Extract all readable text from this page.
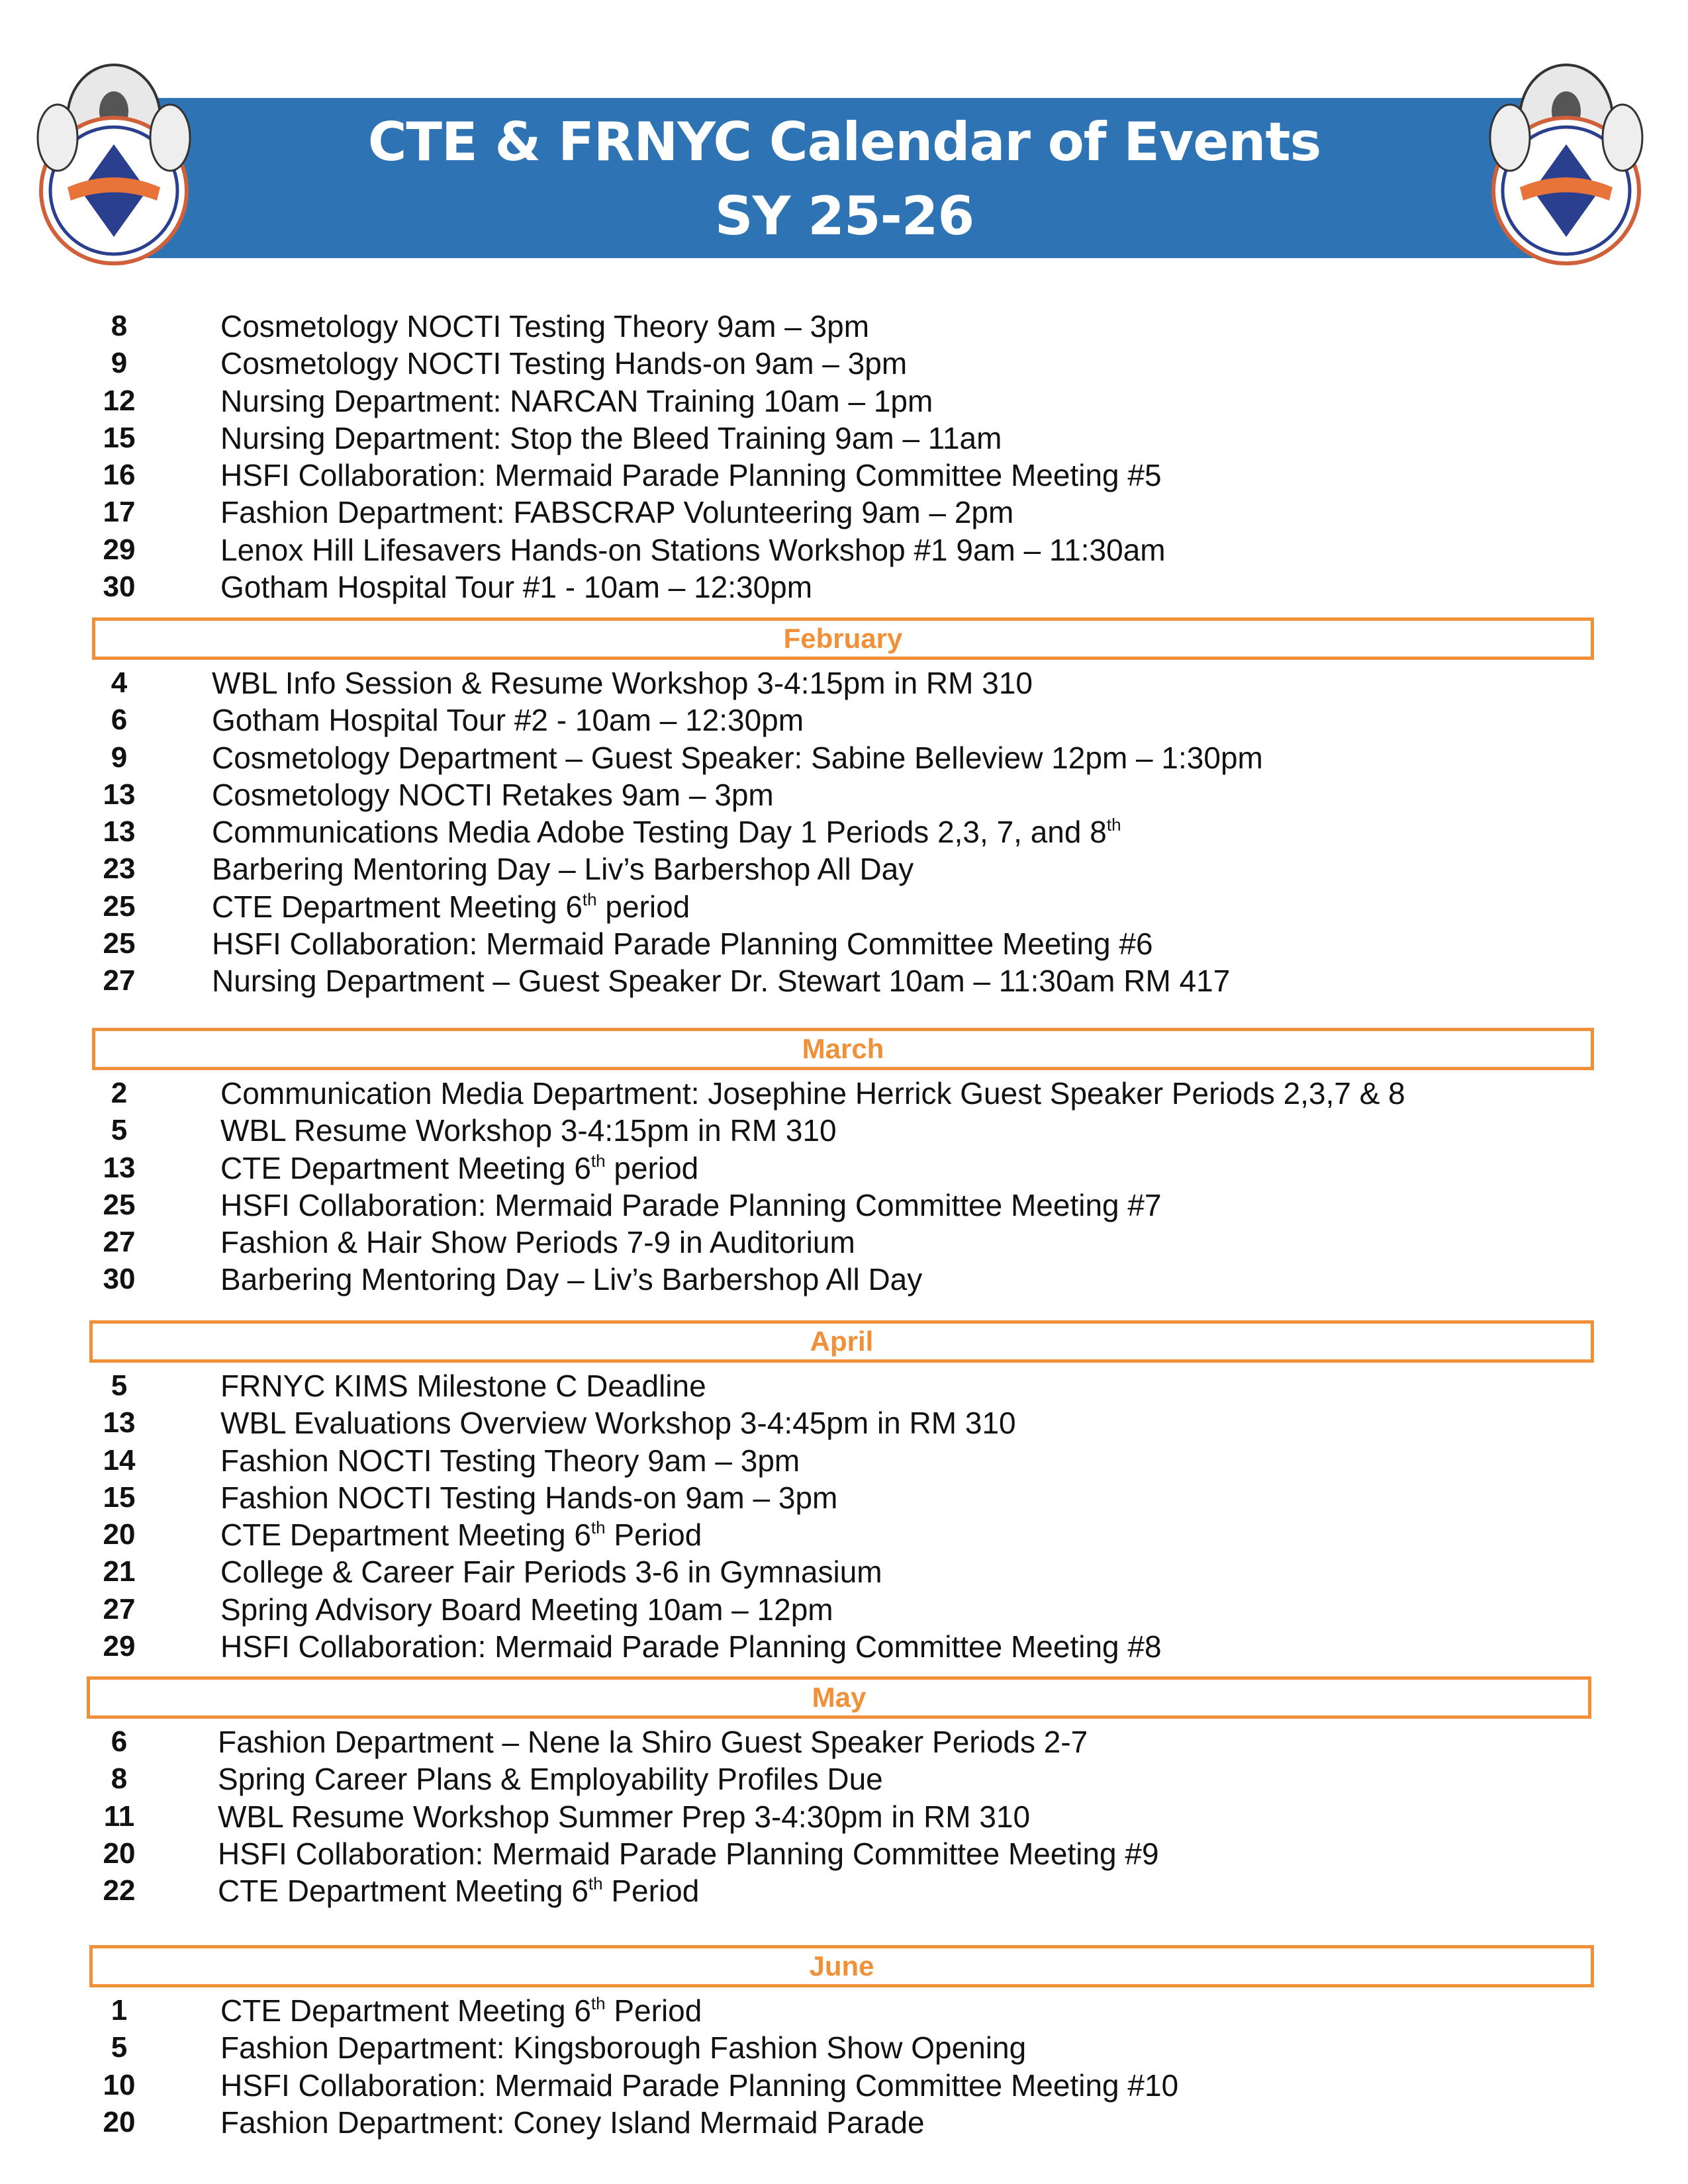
CTE & FRNYC Calendar of Events
SY 25-26
8	Cosmetology NOCTI Testing Theory 9am – 3pm
9	Cosmetology NOCTI Testing Hands-on 9am – 3pm
12	Nursing Department: NARCAN Training 10am – 1pm
15	Nursing Department: Stop the Bleed Training 9am – 11am
16	HSFI Collaboration: Mermaid Parade Planning Committee Meeting #5
17	Fashion Department: FABSCRAP Volunteering 9am – 2pm
29	Lenox Hill Lifesavers Hands-on Stations Workshop #1 9am – 11:30am
30	Gotham Hospital Tour #1 - 10am – 12:30pm
February
4	WBL Info Session & Resume Workshop 3-4:15pm in RM 310
6	Gotham Hospital Tour #2 - 10am – 12:30pm
9	Cosmetology Department – Guest Speaker: Sabine Belleview 12pm – 1:30pm
13	Cosmetology NOCTI Retakes 9am – 3pm
13	Communications Media Adobe Testing Day 1 Periods 2,3, 7, and 8th
23	Barbering Mentoring Day – Liv’s Barbershop All Day
25	CTE Department Meeting 6th period
25	HSFI Collaboration: Mermaid Parade Planning Committee Meeting #6
27	Nursing Department – Guest Speaker Dr. Stewart 10am – 11:30am RM 417
March
2	Communication Media Department: Josephine Herrick Guest Speaker Periods 2,3,7 & 8
5	WBL Resume Workshop 3-4:15pm in RM 310
13	CTE Department Meeting 6th period
25	HSFI Collaboration: Mermaid Parade Planning Committee Meeting #7
27	Fashion & Hair Show Periods 7-9 in Auditorium
30	Barbering Mentoring Day – Liv’s Barbershop All Day
April
5	FRNYC KIMS Milestone C Deadline
13	WBL Evaluations Overview Workshop 3-4:45pm in RM 310
14	Fashion NOCTI Testing Theory 9am – 3pm
15	Fashion NOCTI Testing Hands-on 9am – 3pm
20	CTE Department Meeting 6th Period
21	College & Career Fair Periods 3-6 in Gymnasium
27	Spring Advisory Board Meeting 10am – 12pm
29	HSFI Collaboration: Mermaid Parade Planning Committee Meeting #8
May
6	Fashion Department – Nene la Shiro Guest Speaker Periods 2-7
8	Spring Career Plans & Employability Profiles Due
11	WBL Resume Workshop Summer Prep 3-4:30pm in RM 310
20	HSFI Collaboration: Mermaid Parade Planning Committee Meeting #9
22	CTE Department Meeting 6th Period
June
1	CTE Department Meeting 6th Period
5	Fashion Department: Kingsborough Fashion Show Opening
10	HSFI Collaboration: Mermaid Parade Planning Committee Meeting #10
20	Fashion Department: Coney Island Mermaid Parade
